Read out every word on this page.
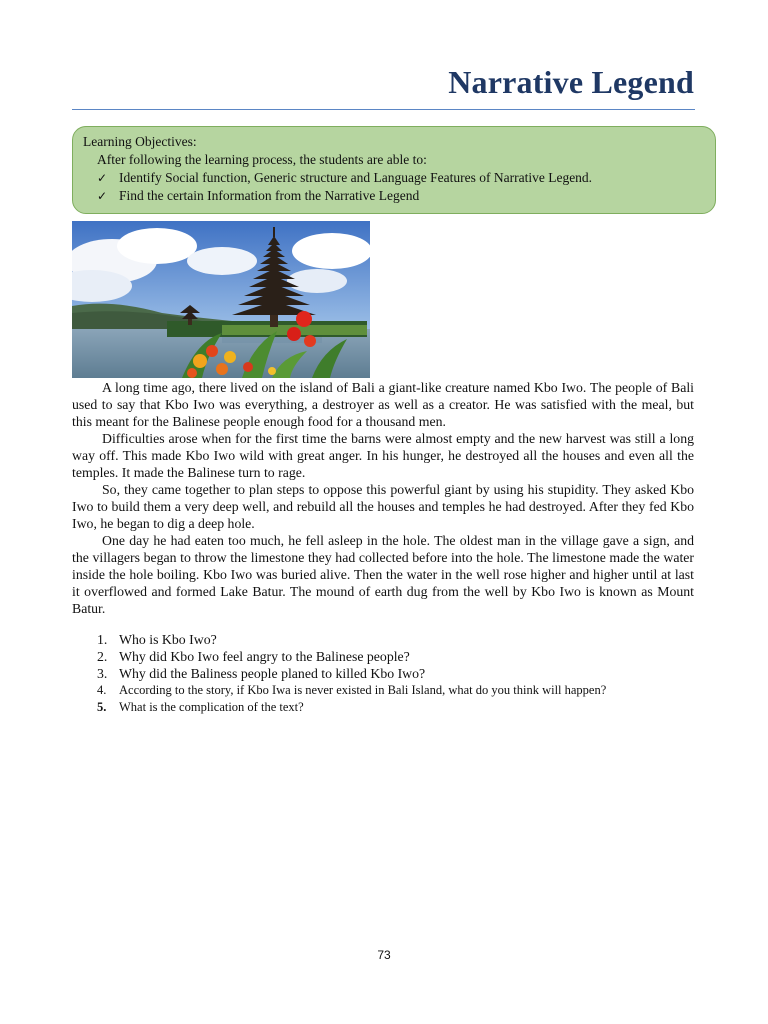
Narrative Legend
Learning Objectives:
After following the learning process, the students are able to:
✓ Identify Social function, Generic structure and Language Features of Narrative Legend.
✓ Find the certain Information from the Narrative Legend

A long time ago, there lived on the island of Bali a giant-like creature named Kbo Iwo. The people of Bali used to say that Kbo Iwo was everything, a destroyer as well as a creator. He was satisfied with the meal, but this meant for the Balinese people enough food for a thousand men.

Difficulties arose when for the first time the barns were almost empty and the new harvest was still a long way off. This made Kbo Iwo wild with great anger. In his hunger, he destroyed all the houses and even all the temples. It made the Balinese turn to rage.

So, they came together to plan steps to oppose this powerful giant by using his stupidity. They asked Kbo Iwo to build them a very deep well, and rebuild all the houses and temples he had destroyed. After they fed Kbo Iwo, he began to dig a deep hole.

One day he had eaten too much, he fell asleep in the hole. The oldest man in the village gave a sign, and the villagers began to throw the limestone they had collected before into the hole. The limestone made the water inside the hole boiling. Kbo Iwo was buried alive. Then the water in the well rose higher and higher until at last it overflowed and formed Lake Batur. The mound of earth dug from the well by Kbo Iwo is known as Mount Batur.

1. Who is Kbo Iwo?
2. Why did Kbo Iwo feel angry to the Balinese people?
3. Why did the Baliness people planed to killed Kbo Iwo?
4.	According to the story, if Kbo Iwa is never existed in Bali Island, what do you think will happen?
5.	What is the complication of the text?
73
